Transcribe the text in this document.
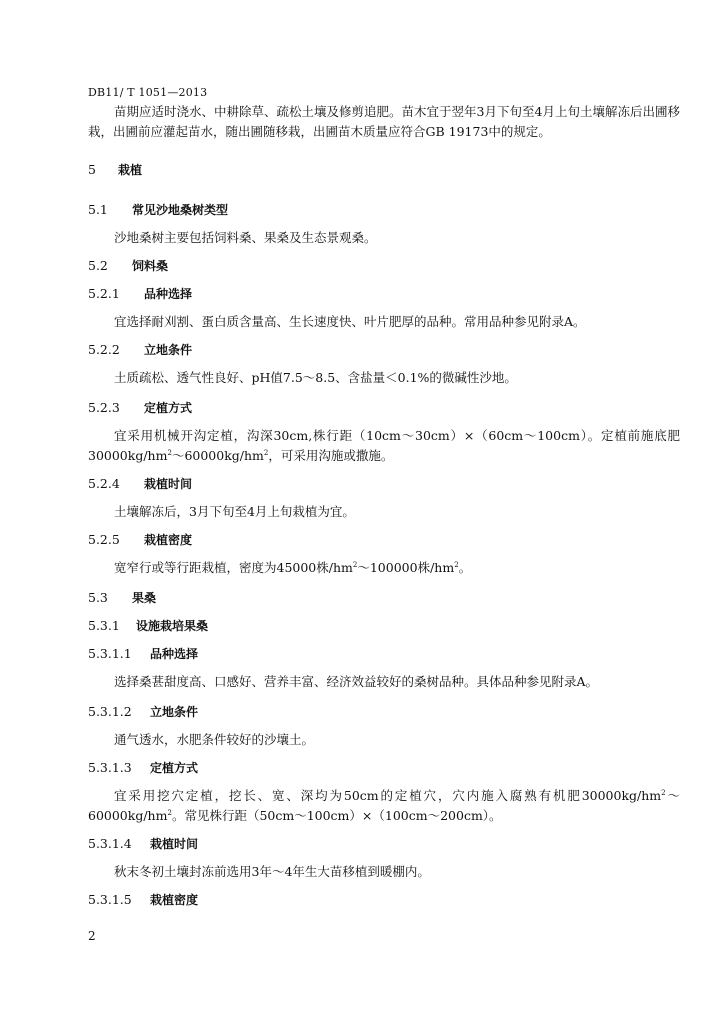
DB11/ T 1051—2013
苗期应适时浇水、中耕除草、疏松土壤及修剪追肥。苗木宜于翌年3月下旬至4月上旬土壤解冻后出圃移栽，出圃前应灌起苗水，随出圃随移栽，出圃苗木质量应符合GB 19173中的规定。
5 栽植
5.1 常见沙地桑树类型
沙地桑树主要包括饲料桑、果桑及生态景观桑。
5.2 饲料桑
5.2.1 品种选择
宜选择耐刈割、蛋白质含量高、生长速度快、叶片肥厚的品种。常用品种参见附录A。
5.2.2 立地条件
土质疏松、透气性良好、pH值7.5～8.5、含盐量＜0.1%的微碱性沙地。
5.2.3 定植方式
宜采用机械开沟定植，沟深30cm,株行距（10cm～30cm）×（60cm～100cm）。定植前施底肥$30000kg/hm^2\sim 60000kg/hm^2$，可采用沟施或撒施。
5.2.4 栽植时间
土壤解冻后，3月下旬至4月上旬栽植为宜。
5.2.5 栽植密度
宽窄行或等行距栽植，密度为45000株$/hm^2\sim 100000$株$/hm^2$。
5.3 果桑
5.3.1 设施栽培果桑
5.3.1.1 品种选择
选择桑葚甜度高、口感好、营养丰富、经济效益较好的桑树品种。具体品种参见附录A。
5.3.1.2 立地条件
通气透水，水肥条件较好的沙壤土。
5.3.1.3 定植方式
宜采用挖穴定植，挖长、宽、深均为50cm的定植穴，穴内施入腐熟有机肥$30000kg/hm^2\sim 60000kg/hm^2$。常见株行距（50cm～100cm）×（100cm～200cm）。
5.3.1.4 栽植时间
秋末冬初土壤封冻前选用3年～4年生大苗移植到暖棚内。
5.3.1.5 栽植密度
2
